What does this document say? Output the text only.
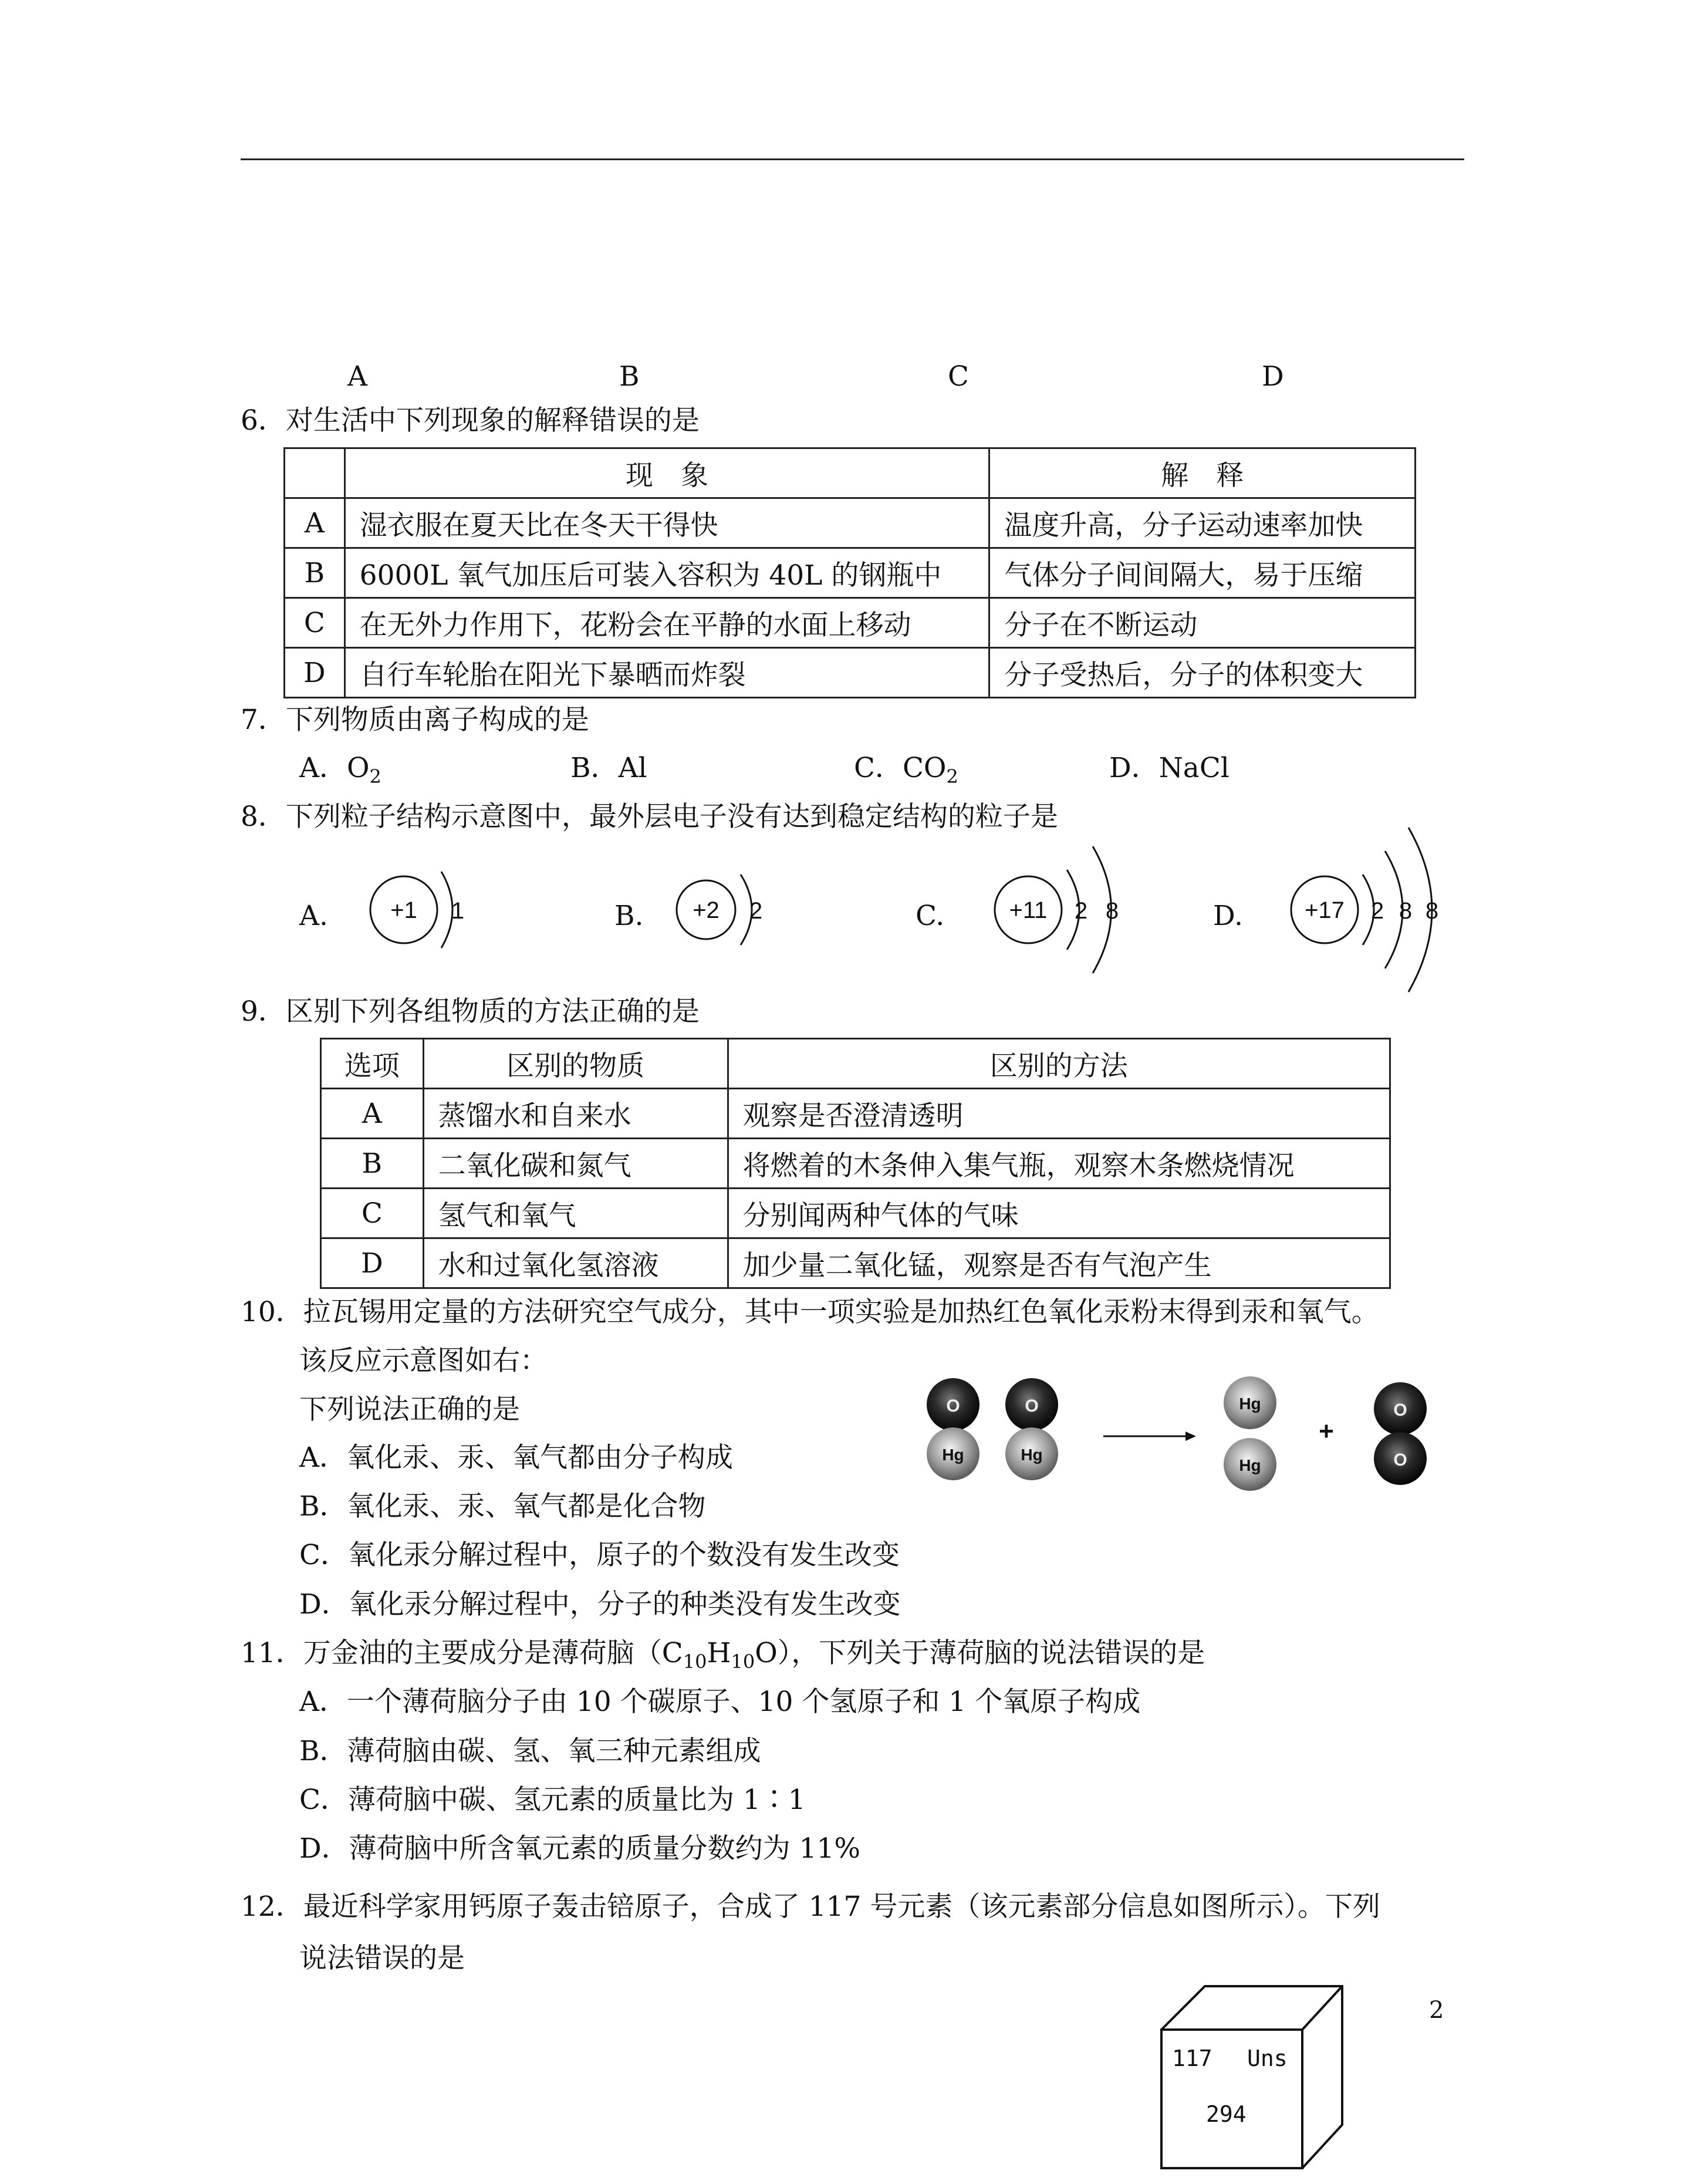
A	B	C	D
6．对生活中下列现象的解释错误的是
	现　象	解　释
A	湿衣服在夏天比在冬天干得快	温度升高，分子运动速率加快
B	6000L 氧气加压后可装入容积为 40L 的钢瓶中	气体分子间间隔大，易于压缩
C	在无外力作用下，花粉会在平静的水面上移动	分子在不断运动
D	自行车轮胎在阳光下暴晒而炸裂	分子受热后，分子的体积变大
7．下列物质由离子构成的是
A．$O_2$	B．Al	C．$CO_2$	D．NaCl
8．下列粒子结构示意图中，最外层电子没有达到稳定结构的粒子是
A.	B.	C.	D.
+1 1	+2 2	+11 2 8	+17 2 8 8
9．区别下列各组物质的方法正确的是
选项	区别的物质	区别的方法
A	蒸馏水和自来水	观察是否澄清透明
B	二氧化碳和氮气	将燃着的木条伸入集气瓶，观察木条燃烧情况
C	氢气和氧气	分别闻两种气体的气味
D	水和过氧化氢溶液	加少量二氧化锰，观察是否有气泡产生
10．拉瓦锡用定量的方法研究空气成分，其中一项实验是加热红色氧化汞粉末得到汞和氧气。
该反应示意图如右：
下列说法正确的是
A．氧化汞、汞、氧气都由分子构成
B．氧化汞、汞、氧气都是化合物
C．氧化汞分解过程中，原子的个数没有发生改变
D．氧化汞分解过程中，分子的种类没有发生改变
O
Hg
O
Hg
Hg
Hg
+
O
O
11．万金油的主要成分是薄荷脑$(C_{10}H_{10}O)$，下列关于薄荷脑的说法错误的是
A．一个薄荷脑分子由 10 个碳原子、10 个氢原子和 1 个氧原子构成
B．薄荷脑由碳、氢、氧三种元素组成
C．薄荷脑中碳、氢元素的质量比为 1∶1
D．薄荷脑中所含氧元素的质量分数约为 11%
12．最近科学家用钙原子轰击锫原子，合成了 117 号元素（该元素部分信息如图所示）。下列
说法错误的是
117 Uns
294
2
